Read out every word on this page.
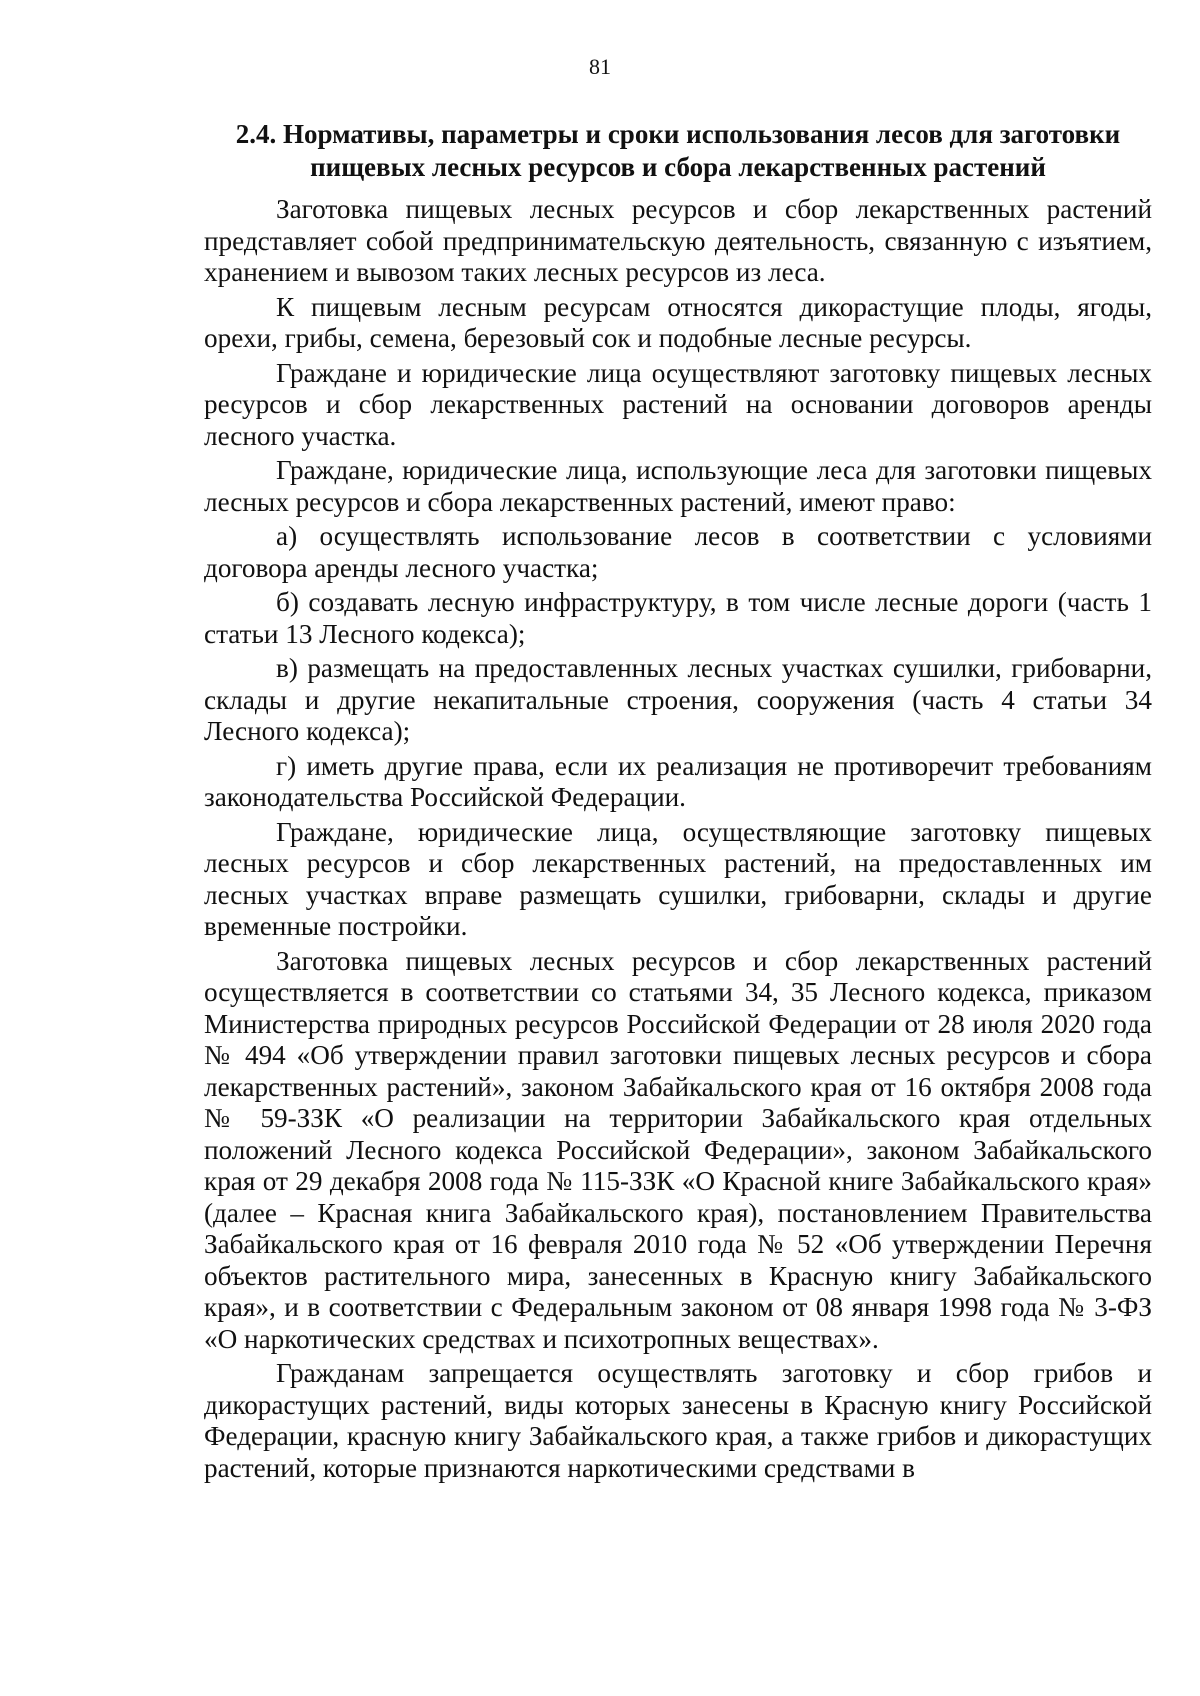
81
2.4. Нормативы, параметры и сроки использования лесов для заготовки пищевых лесных ресурсов и сбора лекарственных растений

Заготовка пищевых лесных ресурсов и сбор лекарственных растений представляет собой предпринимательскую деятельность, связанную с изъятием, хранением и вывозом таких лесных ресурсов из леса.

К пищевым лесным ресурсам относятся дикорастущие плоды, ягоды, орехи, грибы, семена, березовый сок и подобные лесные ресурсы.

Граждане и юридические лица осуществляют заготовку пищевых лесных ресурсов и сбор лекарственных растений на основании договоров аренды лесного участка.

Граждане, юридические лица, использующие леса для заготовки пищевых лесных ресурсов и сбора лекарственных растений, имеют право:

а) осуществлять использование лесов в соответствии с условиями договора аренды лесного участка;

б) создавать лесную инфраструктуру, в том числе лесные дороги (часть 1 статьи 13 Лесного кодекса);

в) размещать на предоставленных лесных участках сушилки, грибоварни, склады и другие некапитальные строения, сооружения (часть 4 статьи 34 Лесного кодекса);

г) иметь другие права, если их реализация не противоречит требованиям законодательства Российской Федерации.

Граждане, юридические лица, осуществляющие заготовку пищевых лесных ресурсов и сбор лекарственных растений, на предоставленных им лесных участках вправе размещать сушилки, грибоварни, склады и другие временные постройки.

Заготовка пищевых лесных ресурсов и сбор лекарственных растений осуществляется в соответствии со статьями 34, 35 Лесного кодекса, приказом Министерства природных ресурсов Российской Федерации от 28 июля 2020 года № 494 «Об утверждении правил заготовки пищевых лесных ресурсов и сбора лекарственных растений», законом Забайкальского края от 16 октября 2008 года № 59-ЗЗК «О реализации на территории Забайкальского края отдельных положений Лесного кодекса Российской Федерации», законом Забайкальского края от 29 декабря 2008 года № 115-ЗЗК «О Красной книге Забайкальского края» (далее – Красная книга Забайкальского края), постановлением Правительства Забайкальского края от 16 февраля 2010 года № 52 «Об утверждении Перечня объектов растительного мира, занесенных в Красную книгу Забайкальского края», и в соответствии с Федеральным законом от 08 января 1998 года № 3-ФЗ «О наркотических средствах и психотропных веществах».

Гражданам запрещается осуществлять заготовку и сбор грибов и дикорастущих растений, виды которых занесены в Красную книгу Российской Федерации, красную книгу Забайкальского края, а также грибов и дикорастущих растений, которые признаются наркотическими средствами в
